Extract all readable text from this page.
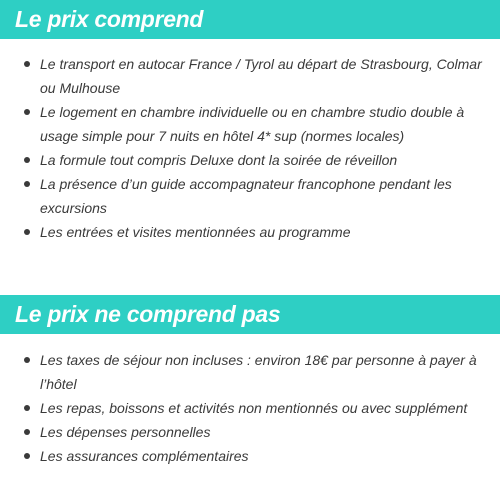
Le prix comprend
Le transport en autocar France / Tyrol au départ de Strasbourg, Colmar ou Mulhouse
Le logement en chambre individuelle ou en chambre studio double à usage simple pour 7 nuits en hôtel 4* sup (normes locales)
La formule tout compris Deluxe dont la soirée de réveillon
La présence d’un guide accompagnateur francophone pendant les excursions
Les entrées et visites mentionnées au programme
Le prix ne comprend pas
Les taxes de séjour non incluses : environ 18€ par personne à payer à l’hôtel
Les repas, boissons et activités non mentionnés ou avec supplément
Les dépenses personnelles
Les assurances complémentaires
